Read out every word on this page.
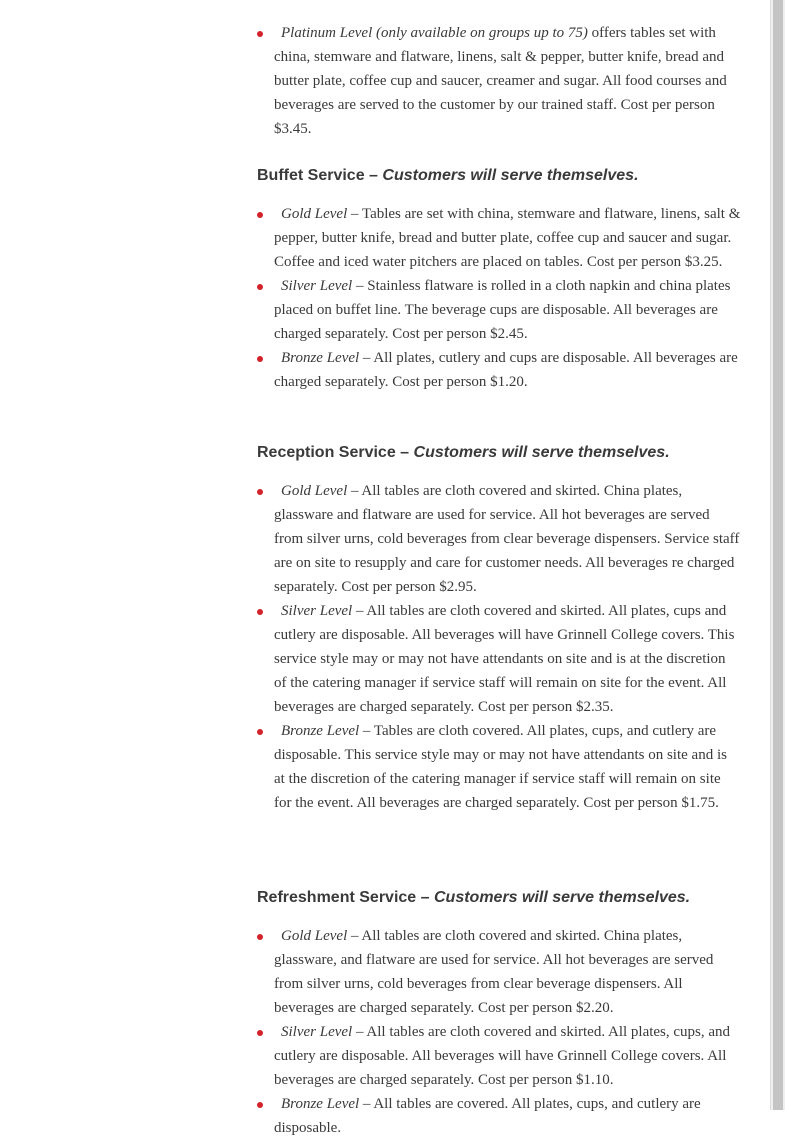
Platinum Level (only available on groups up to 75) offers tables set with china, stemware and flatware, linens, salt & pepper, butter knife, bread and butter plate, coffee cup and saucer, creamer and sugar. All food courses and beverages are served to the customer by our trained staff. Cost per person $3.45.
Buffet Service – Customers will serve themselves.
Gold Level – Tables are set with china, stemware and flatware, linens, salt & pepper, butter knife, bread and butter plate, coffee cup and saucer and sugar. Coffee and iced water pitchers are placed on tables. Cost per person $3.25.
Silver Level – Stainless flatware is rolled in a cloth napkin and china plates placed on buffet line. The beverage cups are disposable. All beverages are charged separately. Cost per person $2.45.
Bronze Level – All plates, cutlery and cups are disposable. All beverages are charged separately. Cost per person $1.20.
Reception Service – Customers will serve themselves.
Gold Level – All tables are cloth covered and skirted. China plates, glassware and flatware are used for service. All hot beverages are served from silver urns, cold beverages from clear beverage dispensers. Service staff are on site to resupply and care for customer needs. All beverages re charged separately. Cost per person $2.95.
Silver Level – All tables are cloth covered and skirted. All plates, cups and cutlery are disposable. All beverages will have Grinnell College covers. This service style may or may not have attendants on site and is at the discretion of the catering manager if service staff will remain on site for the event. All beverages are charged separately. Cost per person $2.35.
Bronze Level – Tables are cloth covered. All plates, cups, and cutlery are disposable. This service style may or may not have attendants on site and is at the discretion of the catering manager if service staff will remain on site for the event. All beverages are charged separately. Cost per person $1.75.
Refreshment Service – Customers will serve themselves.
Gold Level – All tables are cloth covered and skirted. China plates, glassware, and flatware are used for service. All hot beverages are served from silver urns, cold beverages from clear beverage dispensers. All beverages are charged separately. Cost per person $2.20.
Silver Level – All tables are cloth covered and skirted. All plates, cups, and cutlery are disposable. All beverages will have Grinnell College covers. All beverages are charged separately. Cost per person $1.10.
Bronze Level – All tables are covered. All plates, cups, and cutlery are disposable.
